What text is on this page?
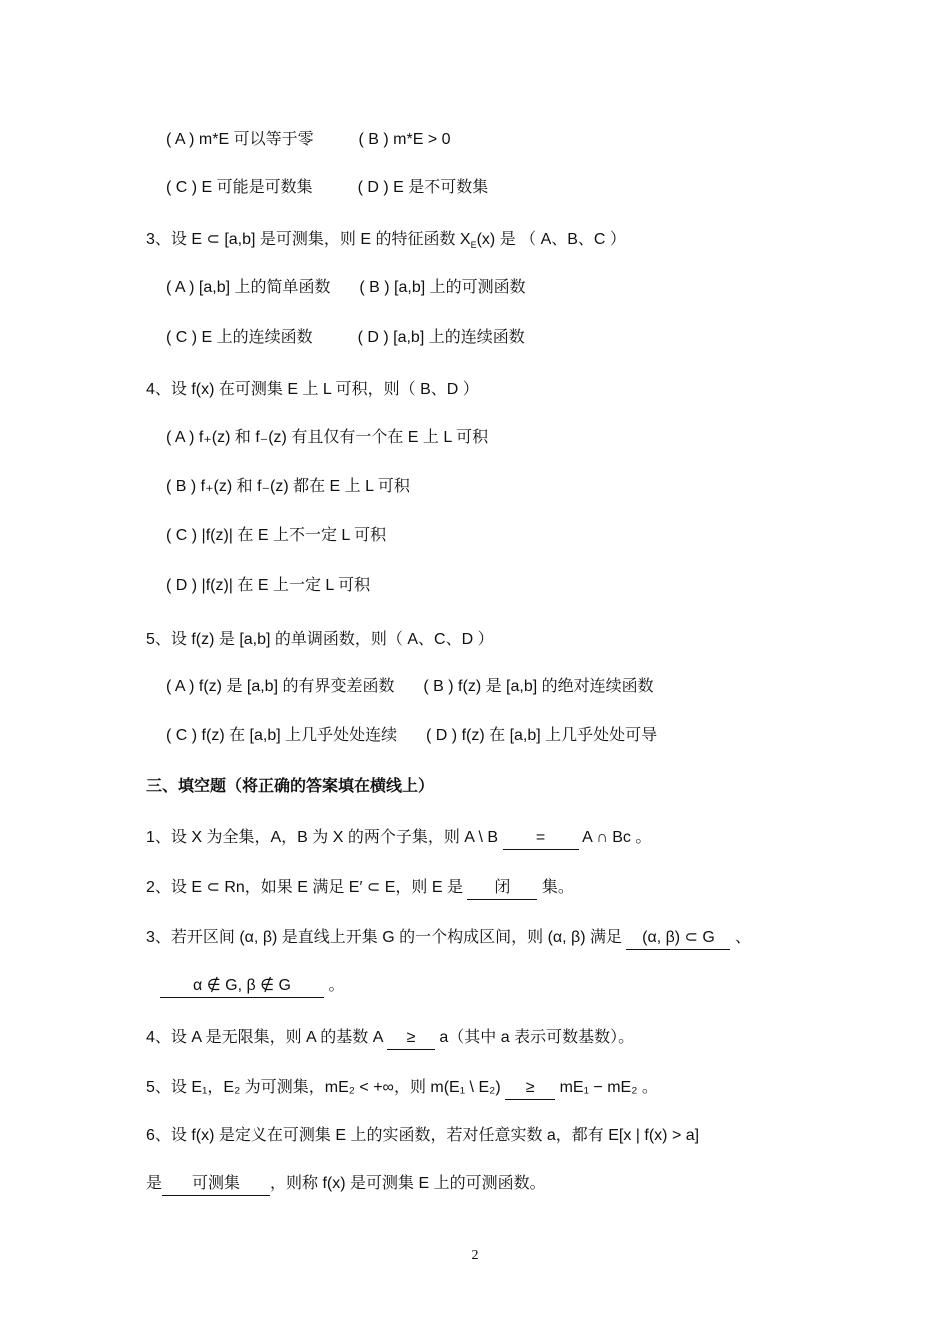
( A ) m*E 可以等于零	( B ) m*E > 0
( C ) E 可能是可数集	( D ) E 是不可数集
3、设 E ⊂ [a,b] 是可测集，则 E 的特征函数 $X_E(x)$ 是 （ A、B、C ）
( A ) [a,b] 上的简单函数 ( B ) [a,b] 上的可测函数
( C ) E 上的连续函数	( D ) [a,b] 上的连续函数
4、设 f(x) 在可测集 E 上 L 可积，则（ B、D ）
( A ) f₊(z) 和 f₋(z) 有且仅有一个在 E 上 L 可积
( B ) f₊(z) 和 f₋(z) 都在 E 上 L 可积
( C ) |f(z)| 在 E 上不一定 L 可积
( D ) |f(z)| 在 E 上一定 L 可积
5、设 f(z) 是 [a,b] 的单调函数，则（ A、C、D ）
( A ) f(z) 是 [a,b] 的有界变差函数 ( B ) f(z) 是 [a,b] 的绝对连续函数
( C ) f(z) 在 [a,b] 上几乎处处连续 ( D ) f(z) 在 [a,b] 上几乎处处可导
三、填空题（将正确的答案填在横线上）
1、设 X 为全集，A，B 为 X 的两个子集，则 A \ B = A ∩ Bc 。
2、设 E ⊂ Rn，如果 E 满足 E′ ⊂ E，则 E 是 闭 集。
3、若开区间 (α, β) 是直线上开集 G 的一个构成区间，则 (α, β) 满足 (α, β) ⊂ G 、
α ∉ G, β ∉ G 。
4、设 A 是无限集，则 A 的基数 A ≥ a（其中 a 表示可数基数）。
5、设 E₁，E₂ 为可测集，mE₂ < +∞，则 m(E₁ \ E₂) ≥ mE₁ − mE₂ 。
6、设 f(x) 是定义在可测集 E 上的实函数，若对任意实数 a，都有 E[x | f(x) > a]
是 可测集 ，则称 f(x) 是可测集 E 上的可测函数。
2
